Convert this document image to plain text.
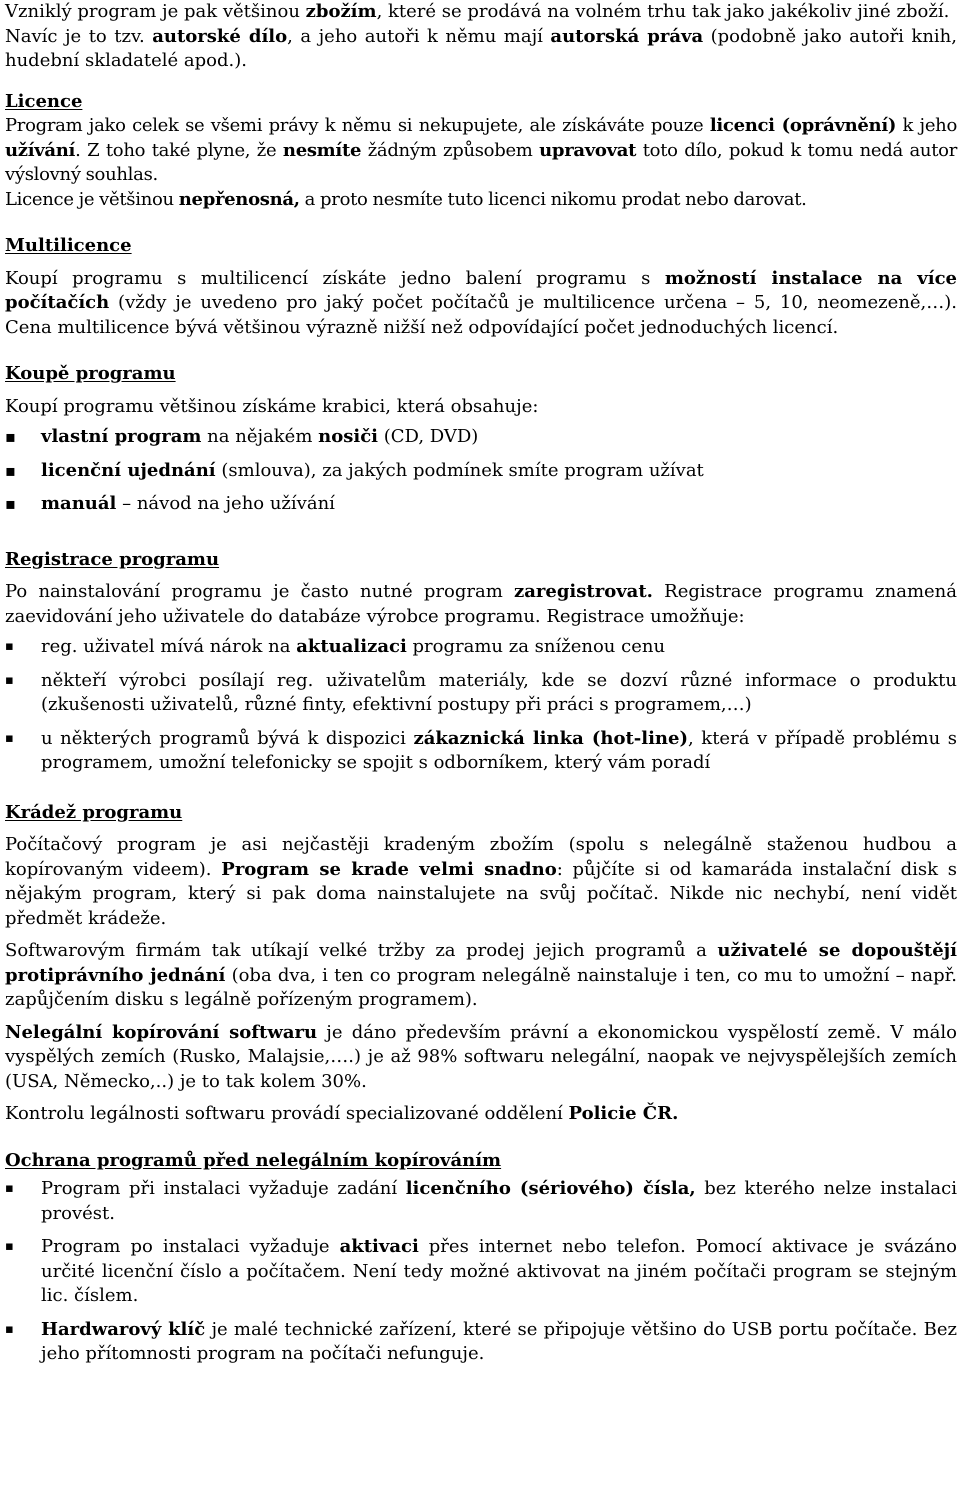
Vzniklý program je pak většinou zbožím, které se prodává na volném trhu tak jako jakékoliv jiné zboží.

Navíc je to tzv. autorské dílo, a jeho autoři k němu mají autorská práva (podobně jako autoři knih, hudební skladatelé apod.).

Licence

Program jako celek se všemi právy k němu si nekupujete, ale získáváte pouze licenci (oprávnění) k jeho užívání. Z toho také plyne, že nesmíte žádným způsobem upravovat toto dílo, pokud k tomu nedá autor výslovný souhlas.

Licence je většinou nepřenosná, a proto nesmíte tuto licenci nikomu prodat nebo darovat.

Multilicence

Koupí programu s multilicencí získáte jedno balení programu s možností instalace na více počítačích (vždy je uvedeno pro jaký počet počítačů je multilicence určena – 5, 10, neomezeně,…). Cena multilicence bývá většinou výrazně nižší než odpovídající počet jednoduchých licencí.

Koupě programu

Koupí programu většinou získáme krabici, která obsahuje:

▪ vlastní program na nějakém nosiči (CD, DVD)
▪ licenční ujednání (smlouva), za jakých podmínek smíte program užívat
▪ manuál – návod na jeho užívání
Registrace programu

Po nainstalování programu je často nutné program zaregistrovat. Registrace programu znamená zaevidování jeho uživatele do databáze výrobce programu. Registrace umožňuje:

▪ reg. uživatel mívá nárok na aktualizaci programu za sníženou cenu
▪ někteří výrobci posílají reg. uživatelům materiály, kde se dozví různé informace o produktu (zkušenosti uživatelů, různé finty, efektivní postupy při práci s programem,…)
▪ u některých programů bývá k dispozici zákaznická linka (hot-line), která v případě problému s programem, umožní telefonicky se spojit s odborníkem, který vám poradí
Krádež programu

Počítačový program je asi nejčastěji kradeným zbožím (spolu s nelegálně staženou hudbou a kopírovaným videem). Program se krade velmi snadno: půjčíte si od kamaráda instalační disk s nějakým program, který si pak doma nainstalujete na svůj počítač. Nikde nic nechybí, není vidět předmět krádeže.

Softwarovým firmám tak utíkají velké tržby za prodej jejich programů a uživatelé se dopouštějí protiprávního jednání (oba dva, i ten co program nelegálně nainstaluje i ten, co mu to umožní – např. zapůjčením disku s legálně pořízeným programem).

Nelegální kopírování softwaru je dáno především právní a ekonomickou vyspělostí země. V málo vyspělých zemích (Rusko, Malajsie,….) je až 98% softwaru nelegální, naopak ve nejvyspělejších zemích (USA, Německo,..) je to tak kolem 30%.

Kontrolu legálnosti softwaru provádí specializované oddělení Policie ČR.

Ochrana programů před nelegálním kopírováním
▪ Program při instalaci vyžaduje zadání licenčního (sériového) čísla, bez kterého nelze instalaci provést.
▪ Program po instalaci vyžaduje aktivaci přes internet nebo telefon. Pomocí aktivace je svázáno určité licenční číslo a počítačem. Není tedy možné aktivovat na jiném počítači program se stejným lic. číslem.
▪ Hardwarový klíč je malé technické zařízení, které se připojuje většino do USB portu počítače. Bez jeho přítomnosti program na počítači nefunguje.
